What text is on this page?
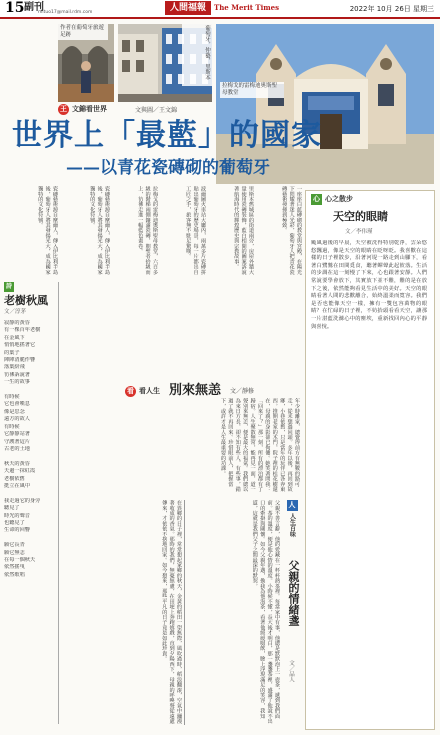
15 副刊
mituo17@mail.rdm.com	人間福報	The Merit Times	2022年 10月 26日 星期三
作者在葡萄牙旅遊足跡	葡萄牙，仲藝，里斯本
拉梅戈的雷梅迪奧斯聖母教堂
王 文錦看世界	文與圖／王文錦
世界上「最藍」的國家
——以青花瓷磚砌的葡萄牙
一座座白藍磚砌的教堂與宮殿，在陽光下閃耀著迷人光彩，葡萄牙人把青花瓷磚藝術發揮到極致。
里斯本舊城區的街道兩旁，房屋外牆大量使用瓷磚裝飾，藍白相間的圖案訴說著航海時代的輝煌歷史與宗教故事。
波爾圖火車站大廳內，兩萬多片瓷磚拼貼出葡萄牙的歷史場景，每一片都出自工匠之手，旅客無不駐足驚嘆。
拉梅戈的雷梅迪奧斯聖母教堂，六百多級的階梯兩側鑲滿瓷磚，朝聖者拾級而上，彷彿走進一幅藍色畫卷。
瓷磚藝術源自摩爾人，傳入伊比利半島後，葡萄牙人將其發揚光大，成為國家獨特的文化符號。
瓷磚藝術源自摩爾人，傳入伊比利半島後，葡萄牙人將其發揚光大，成為國家獨特的文化符號。
詩
老樹秋風
文／淳茅
寂靜的黃昏
有一棵百年老樹
在金風下
悄悄地搖著它
的葉子
陣陣清脆作響
落葉紛飛
彷彿訴說著
一生的故事

有時候
它也會嘆息
像是思念
遠方的故人
有時候
它靜靜站著
守護著這片
古老的土地

秋天的黃昏
天邊一抹紅霞
老樹依舊
挺立在風中

我走過它的身旁
聽見了
時光的聲音
也聽見了
生命的回響

願它長青
願它無恙
在每一個秋天
依然搖曳
依然歌唱
看 看人生 別來無恙 文／靜修
年少時離家，總覺得前方有無數的路可走，從未想過回頭。多年以後，再回到故鄉，小巷依舊，只是當年的玩伴已各奔東西。推開老家的木門，院子裡的桂花樹還在，母親的身影卻已佝僂。她笑著問我：「回來了？」那一刻，所有的漂泊都有了歸宿。人生聚散無常，能再見一面，道一聲別來無恙，便是最大的福氣。我們總以為來日方長，卻不知有些人、有些事，錯過了就不再回來。珍惜眼前人，把握當下，或許才是人生最重要的功課。
在異鄉的日子裡，常常想起家鄉的秋天，金黃的稻田一望無際，風吹過時，稻浪翻滾，空氣中瀰漫著收成的香氣。那時的我們，無憂無慮，在田埂上奔跑嬉戲，直到夕陽西下，母親的呼喚聲從遠處傳來，才依依不捨地回家。如今想來，那些平凡的日子竟是如此珍貴。	父親不善言辭，他的愛藏在一杯杯熱茶裡。每當家中有事，他總是默默泡上一壺茶，遞到我們面前。茶的溫度，便是他心情的溫度。小時候不懂，長大後才明白，那一盞盞茶裡，盛滿了他說不出口的牽掛與關懷。如今父親年邁，換我為他泡茶，看著他緩緩啜飲，臉上浮現滿足的笑容，我知道，這就是我們父子之間最深的默契。	人
人生百味
父親的情緒盞
文／品人
心 心之散步
天空的眼睛
文／李伟瑾
颱風過後的早晨，天空被洗得特別乾淨，雲朵悠悠飄過，像是天空的眼睛在眨呀眨。我喜歡在這樣的日子裡散步，沿著河堤一路走到山腳下，看著白鷺鷥在田間覓食，聽著蟬聲此起彼落。生活的步調在這一刻慢了下來，心也跟著安靜。人們常說要學會放下，其實放下並不難，難的是在放下之後，依然能夠看見生活中的美好。天空的眼睛看著人間的悲歡離合，始終溫柔而寬容。我們是否也能像天空一樣，擁有一雙包容萬物的眼睛？在忙碌的日子裡，不妨抬頭看看天空，讓那一片湛藍洗滌心中的塵埃，重新找回內心的平靜與喜悅。
